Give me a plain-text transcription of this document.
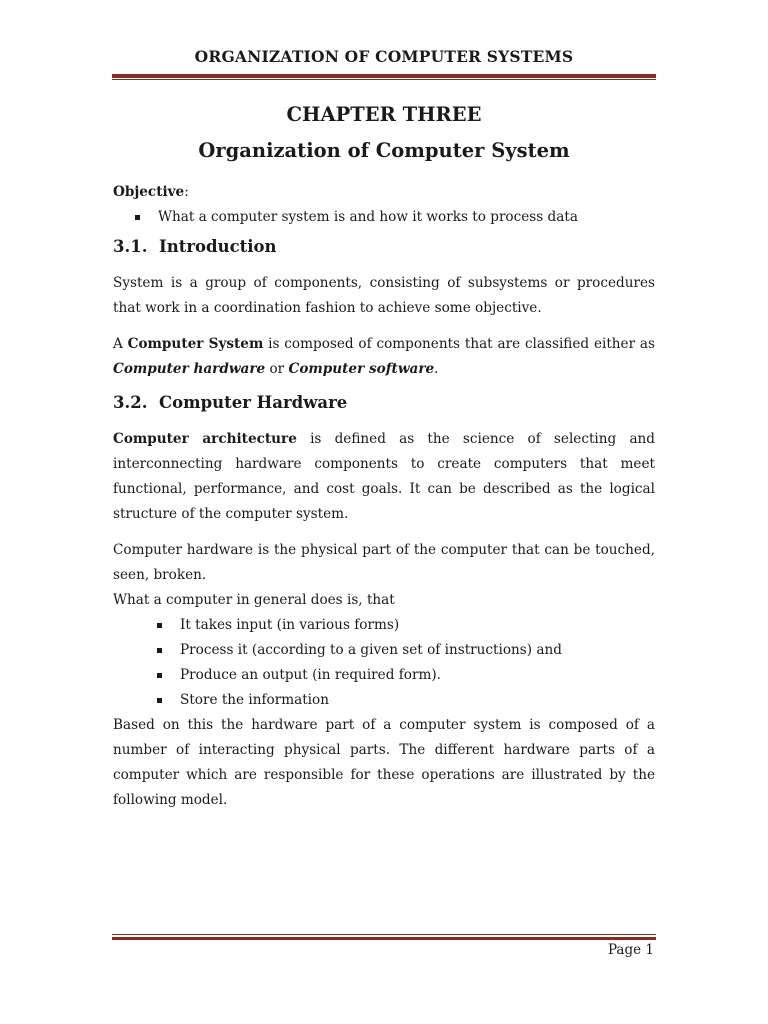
ORGANIZATION OF COMPUTER SYSTEMS
CHAPTER THREE
Organization of Computer System

Objective:

What a computer system is and how it works to process data
3.1. Introduction

System is a group of components, consisting of subsystems or procedures that work in a coordination fashion to achieve some objective.

A Computer System is composed of components that are classified either as Computer hardware or Computer software.

3.2. Computer Hardware

Computer architecture is defined as the science of selecting and interconnecting hardware components to create computers that meet functional, performance, and cost goals. It can be described as the logical structure of the computer system.

Computer hardware is the physical part of the computer that can be touched, seen, broken.

What a computer in general does is, that

It takes input (in various forms)
Process it (according to a given set of instructions) and
Produce an output (in required form).
Store the information

Based on this the hardware part of a computer system is composed of a number of interacting physical parts. The different hardware parts of a computer which are responsible for these operations are illustrated by the following model.

Page 1
